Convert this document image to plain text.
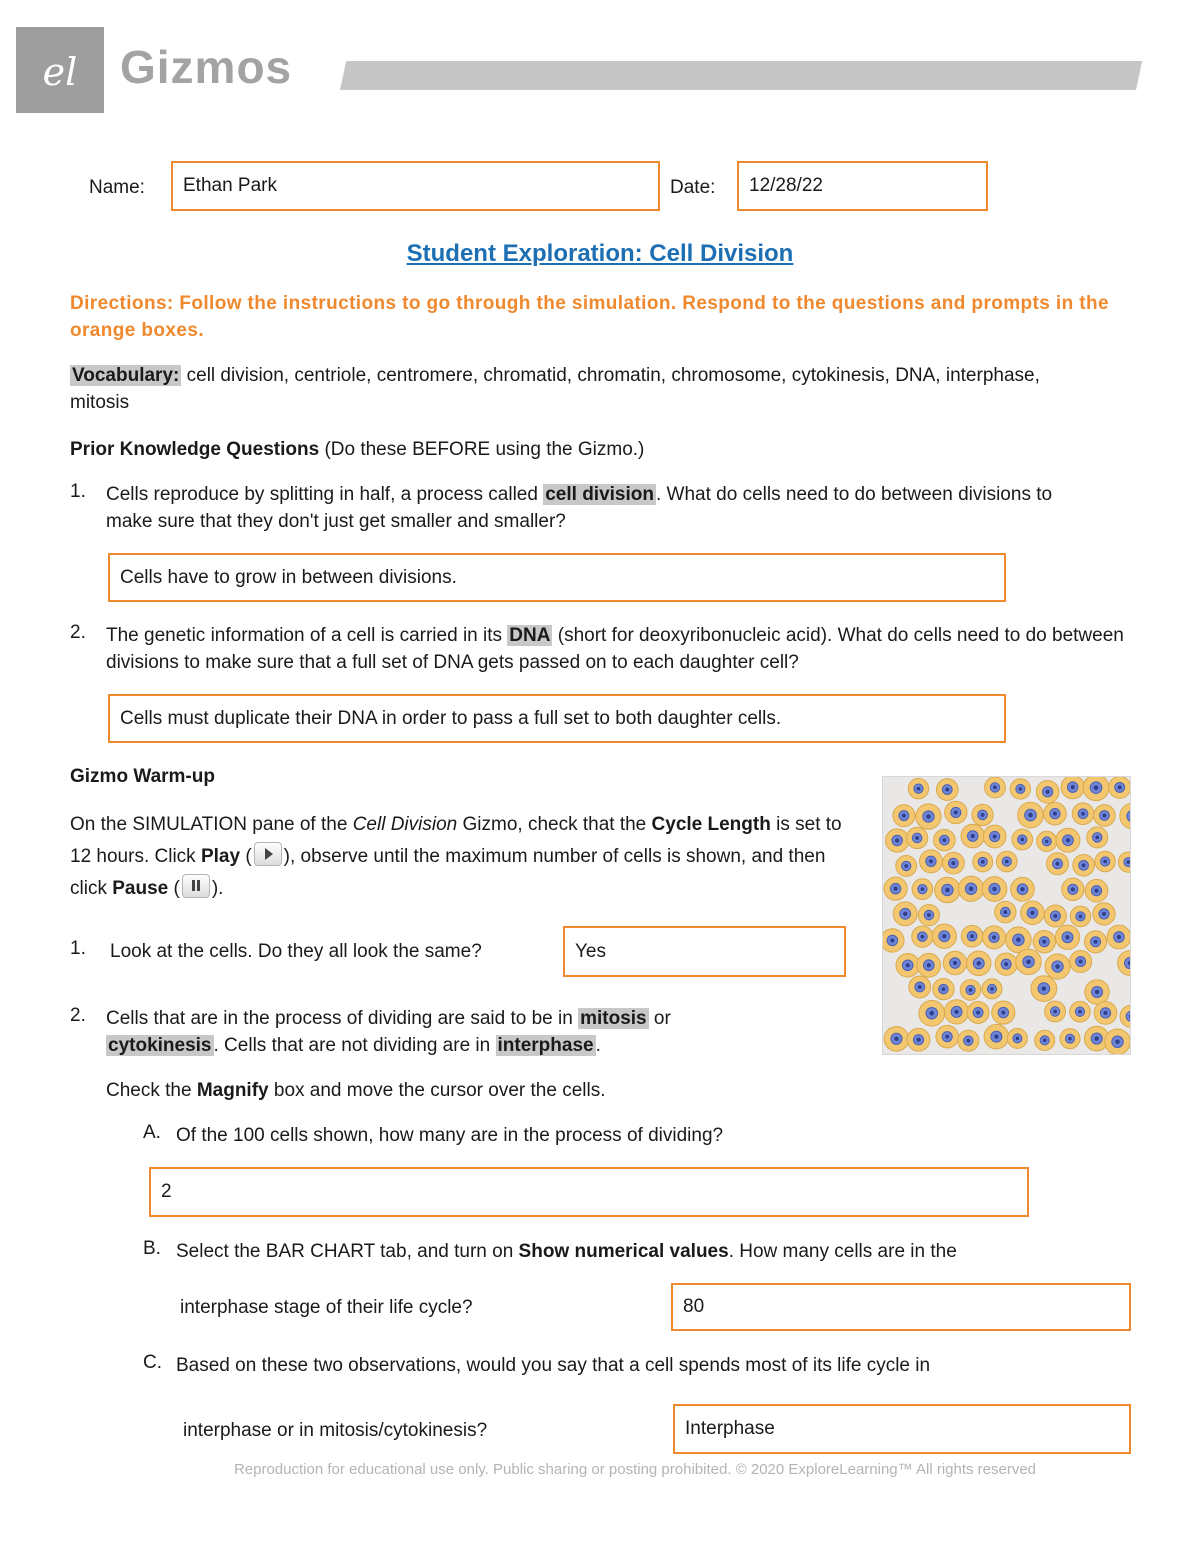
el Gizmos
Name: Ethan Park	Date: 12/28/22
Student Exploration: Cell Division
Directions: Follow the instructions to go through the simulation. Respond to the questions and prompts in the orange boxes.
Vocabulary: cell division, centriole, centromere, chromatid, chromatin, chromosome, cytokinesis, DNA, interphase, mitosis
Prior Knowledge Questions (Do these BEFORE using the Gizmo.)
1. Cells reproduce by splitting in half, a process called cell division . What do cells need to do between divisions to make sure that they don't just get smaller and smaller?
Cells have to grow in between divisions.
2. The genetic information of a cell is carried in its DNA (short for deoxyribonucleic acid). What do cells need to do between divisions to make sure that a full set of DNA gets passed on to each daughter cell?
Cells must duplicate their DNA in order to pass a full set to both daughter cells.
Gizmo Warm-up
On the SIMULATION pane of the Cell Division Gizmo, check that the Cycle Length is set to 12 hours. Click Play ( ), observe until the maximum number of cells is shown, and then click Pause ( ).
1. Look at the cells. Do they all look the same?	Yes
2. Cells that are in the process of dividing are said to be in mitosis or
cytokinesis . Cells that are not dividing are in interphase .
Check the Magnify box and move the cursor over the cells.
A. Of the 100 cells shown, how many are in the process of dividing?
2
B. Select the BAR CHART tab, and turn on Show numerical values. How many cells are in the
interphase stage of their life cycle?	80
C. Based on these two observations, would you say that a cell spends most of its life cycle in
interphase or in mitosis/cytokinesis?	Interphase
Reproduction for educational use only. Public sharing or posting prohibited. © 2020 ExploreLearning™ All rights reserved
